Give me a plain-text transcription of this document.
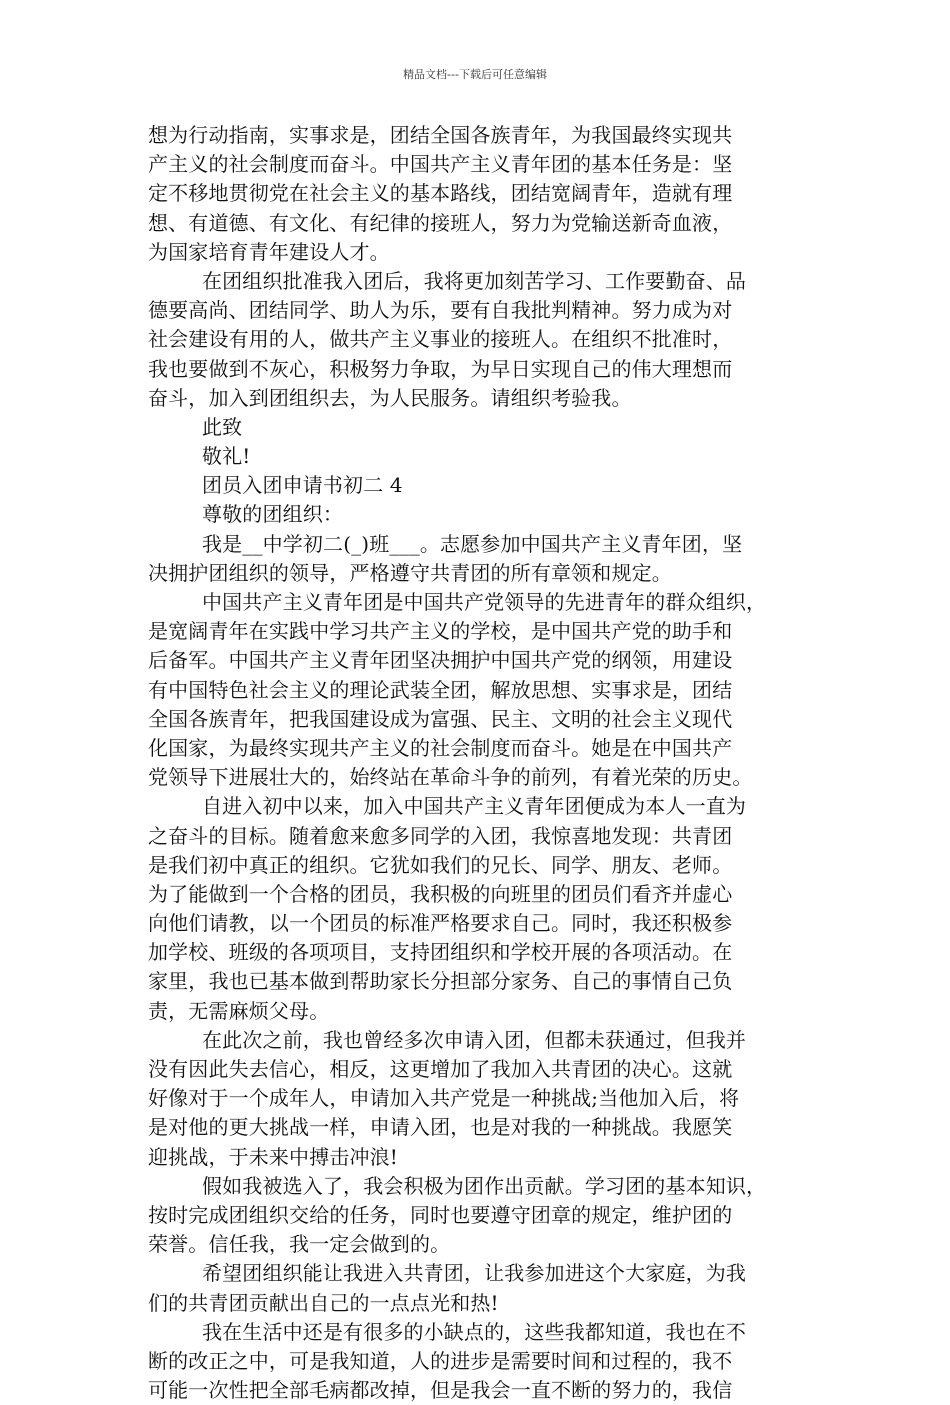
精品文档---下载后可任意编辑
想为行动指南，实事求是，团结全国各族青年，为我国最终实现共
产主义的社会制度而奋斗。中国共产主义青年团的基本任务是：坚
定不移地贯彻党在社会主义的基本路线，团结宽阔青年，造就有理
想、有道德、有文化、有纪律的接班人，努力为党输送新奇血液，
为国家培育青年建设人才。
在团组织批准我入团后，我将更加刻苦学习、工作要勤奋、品
德要高尚、团结同学、助人为乐，要有自我批判精神。努力成为对
社会建设有用的人，做共产主义事业的接班人。在组织不批准时，
我也要做到不灰心，积极努力争取，为早日实现自己的伟大理想而
奋斗，加入到团组织去，为人民服务。请组织考验我。
此致
敬礼!
团员入团申请书初二 4
尊敬的团组织：
我是__中学初二(_)班___。志愿参加中国共产主义青年团，坚
决拥护团组织的领导，严格遵守共青团的所有章领和规定。
中国共产主义青年团是中国共产党领导的先进青年的群众组织，
是宽阔青年在实践中学习共产主义的学校，是中国共产党的助手和
后备军。中国共产主义青年团坚决拥护中国共产党的纲领，用建设
有中国特色社会主义的理论武装全团，解放思想、实事求是，团结
全国各族青年，把我国建设成为富强、民主、文明的社会主义现代
化国家，为最终实现共产主义的社会制度而奋斗。她是在中国共产
党领导下进展壮大的，始终站在革命斗争的前列，有着光荣的历史。
自进入初中以来，加入中国共产主义青年团便成为本人一直为
之奋斗的目标。随着愈来愈多同学的入团，我惊喜地发现：共青团
是我们初中真正的组织。它犹如我们的兄长、同学、朋友、老师。
为了能做到一个合格的团员，我积极的向班里的团员们看齐并虚心
向他们请教，以一个团员的标准严格要求自己。同时，我还积极参
加学校、班级的各项项目，支持团组织和学校开展的各项活动。在
家里，我也已基本做到帮助家长分担部分家务、自己的事情自己负
责，无需麻烦父母。
在此次之前，我也曾经多次申请入团，但都未获通过，但我并
没有因此失去信心，相反，这更增加了我加入共青团的决心。这就
好像对于一个成年人，申请加入共产党是一种挑战;当他加入后，将
是对他的更大挑战一样，申请入团，也是对我的一种挑战。我愿笑
迎挑战，于未来中搏击冲浪!
假如我被选入了，我会积极为团作出贡献。学习团的基本知识，
按时完成团组织交给的任务，同时也要遵守团章的规定，维护团的
荣誉。信任我，我一定会做到的。
希望团组织能让我进入共青团，让我参加进这个大家庭，为我
们的共青团贡献出自己的一点点光和热!
我在生活中还是有很多的小缺点的，这些我都知道，我也在不
断的改正之中，可是我知道，人的进步是需要时间和过程的，我不
可能一次性把全部毛病都改掉，但是我会一直不断的努力的，我信
